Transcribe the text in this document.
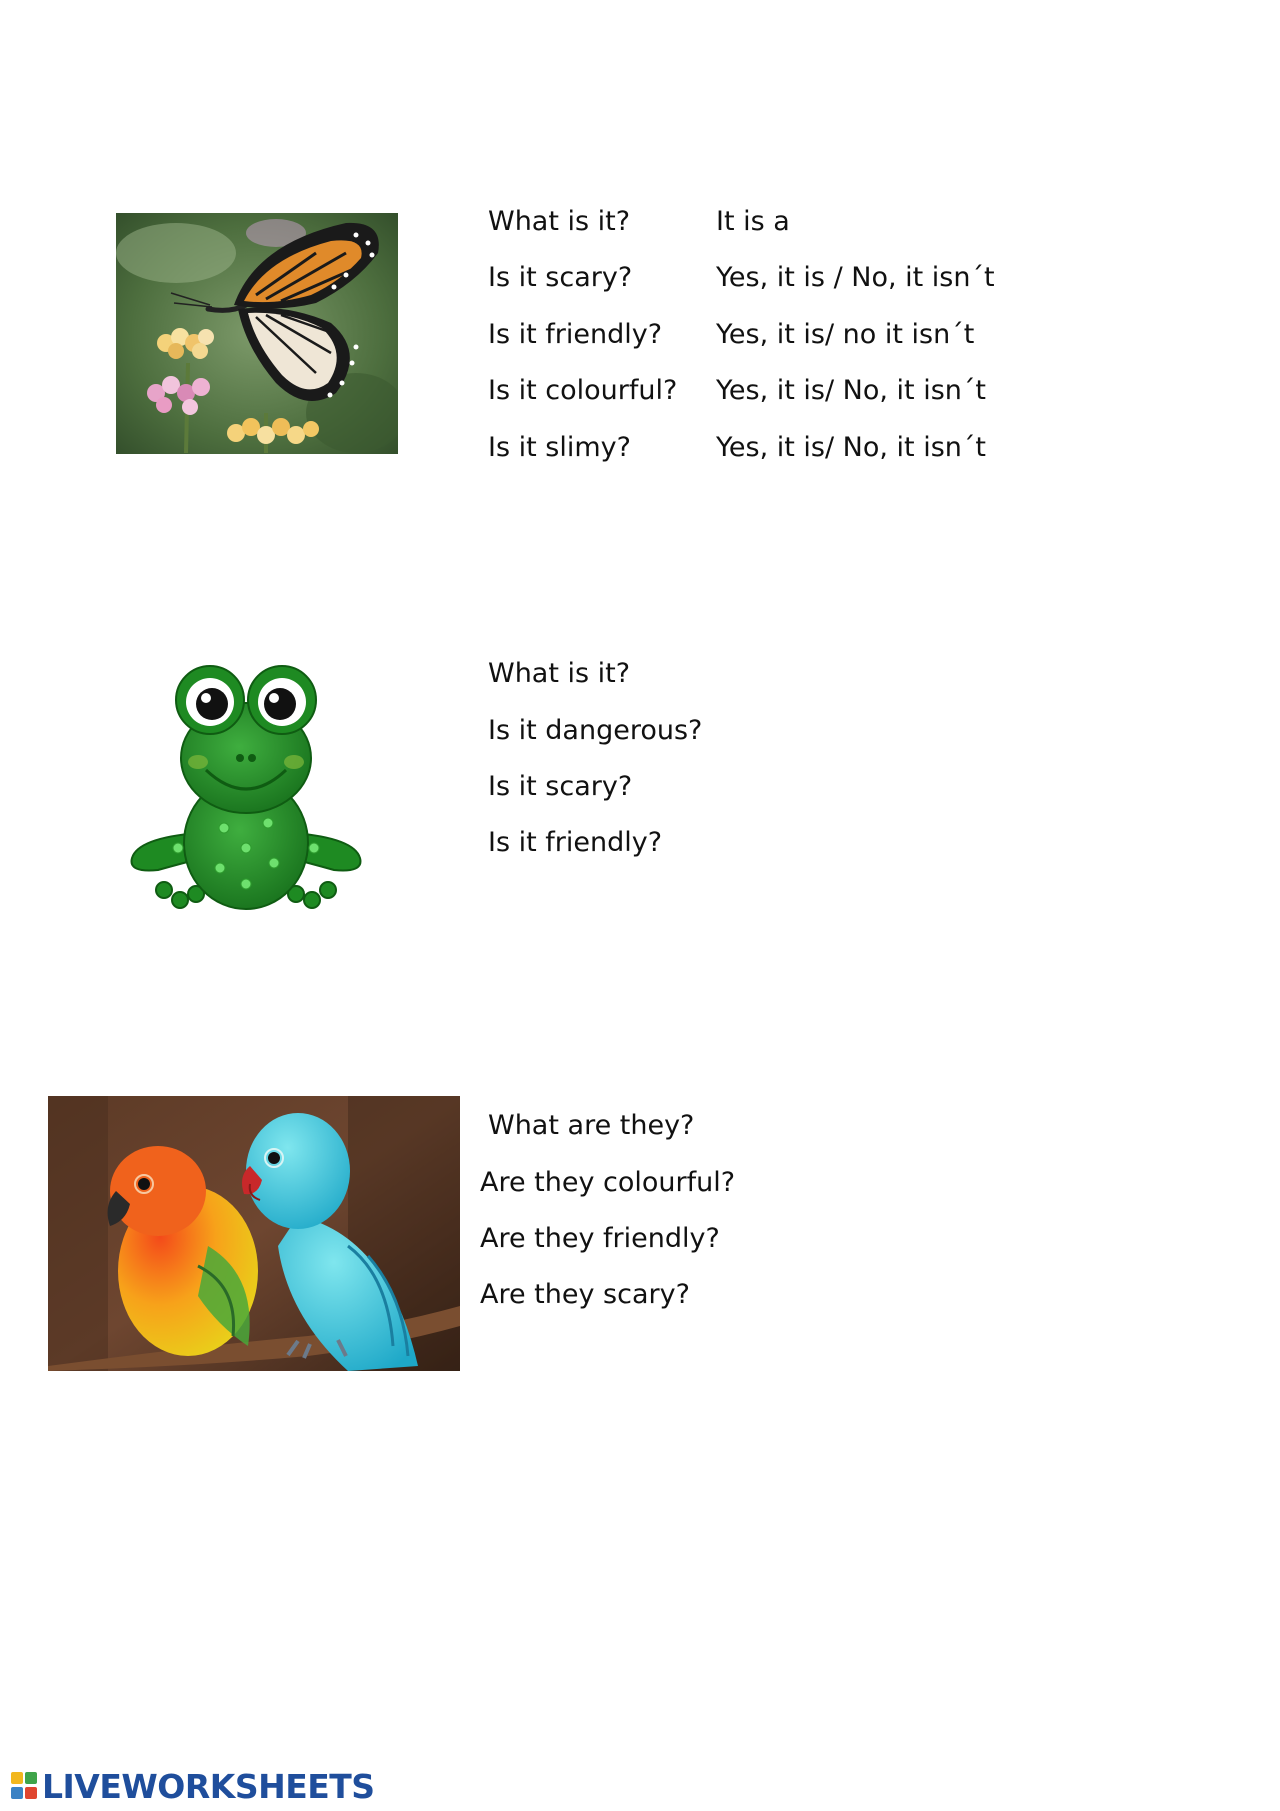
What is it?
Is it scary?
Is it friendly?
Is it colourful?
Is it slimy?
It is a
Yes, it is / No, it isn´t
Yes, it is/ no it isn´t
Yes, it is/ No, it isn´t
Yes, it is/ No, it isn´t
What is it?
Is it dangerous?
Is it scary?
Is it friendly?
What are they?
Are they colourful?
Are they friendly?
Are they scary?
LIVEWORKSHEETS
